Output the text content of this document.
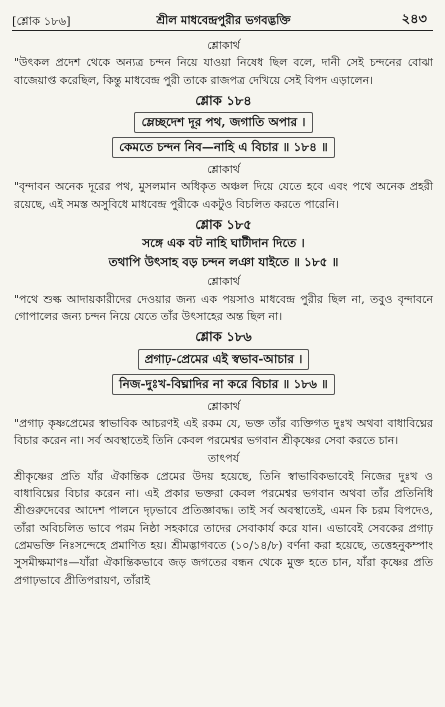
[শ্লোক ১৮৬]	শ্রীল মাধবেন্দ্রপুরীর ভগবদ্ভক্তি	২৪৩
শ্লোকার্থ

"উৎকল প্রদেশ থেকে অন্যত্র চন্দন নিয়ে যাওয়া নিষেধ ছিল বলে, দানী সেই চন্দনের বোঝা বাজেয়াপ্ত করেছিল, কিন্তু মাধবেন্দ্র পুরী তাকে রাজপত্র দেখিয়ে সেই বিপদ এড়ালেন।

শ্লোক ১৮৪
ম্লেচ্ছদেশ দূর পথ, জগাতি অপার ।
কেমতে চন্দন নিব—নাহি এ বিচার ॥ ১৮৪ ॥
শ্লোকার্থ

"বৃন্দাবন অনেক দূরের পথ, মুসলমান অধিকৃত অঞ্চল দিয়ে যেতে হবে এবং পথে অনেক প্রহরী রয়েছে, এই সমস্ত অসুবিধে মাধবেন্দ্র পুরীকে একটুও বিচলিত করতে পারেনি।

শ্লোক ১৮৫
সঙ্গে এক বট নাহি ঘাটীদান দিতে ।
তথাপি উৎসাহ বড় চন্দন লঞা যাইতে ॥ ১৮৫ ॥
শ্লোকার্থ

"পথে শুল্ক আদায়কারীদের দেওয়ার জন্য এক পয়সাও মাধবেন্দ্র পুরীর ছিল না, তবুও বৃন্দাবনে গোপালের জন্য চন্দন নিয়ে যেতে তাঁর উৎসাহের অন্ত ছিল না।

শ্লোক ১৮৬
প্রগাঢ়-প্রেমের এই স্বভাব-আচার ।
নিজ-দুঃখ-বিঘ্নাদির না করে বিচার ॥ ১৮৬ ॥
শ্লোকার্থ

"প্রগাঢ় কৃষ্ণপ্রেমের স্বাভাবিক আচরণই এই রকম যে, ভক্ত তাঁর ব্যক্তিগত দুঃখ অথবা বাধাবিঘ্নের বিচার করেন না। সর্ব অবস্থাতেই তিনি কেবল পরমেশ্বর ভগবান শ্রীকৃষ্ণের সেবা করতে চান।

তাৎপর্য

শ্রীকৃষ্ণের প্রতি যাঁর ঐকান্তিক প্রেমের উদয় হয়েছে, তিনি স্বাভাবিকভাবেই নিজের দুঃখ ও বাধাবিঘ্নের বিচার করেন না। এই প্রকার ভক্তরা কেবল পরমেশ্বর ভগবান অথবা তাঁর প্রতিনিধি শ্রীগুরুদেবের আদেশ পালনে দৃঢ়ভাবে প্রতিজ্ঞাবদ্ধ। তাই সর্ব অবস্থাতেই, এমন কি চরম বিপদেও, তাঁরা অবিচলিত ভাবে পরম নিষ্ঠা সহকারে তাদের সেবাকার্য করে যান। এভাবেই সেবকের প্রগাঢ় প্রেমভক্তি নিঃসন্দেহে প্রমাণিত হয়। শ্রীমদ্ভাগবতে (১০/১৪/৮) বর্ণনা করা হয়েছে, তত্তেহনুকম্পাং সুসমীক্ষমাণঃ—যাঁরা ঐকান্তিকভাবে জড় জগতের বন্ধন থেকে মুক্ত হতে চান, যাঁরা কৃষ্ণের প্রতি প্রগাঢ়ভাবে প্রীতিপরায়ণ, তাঁরাই
